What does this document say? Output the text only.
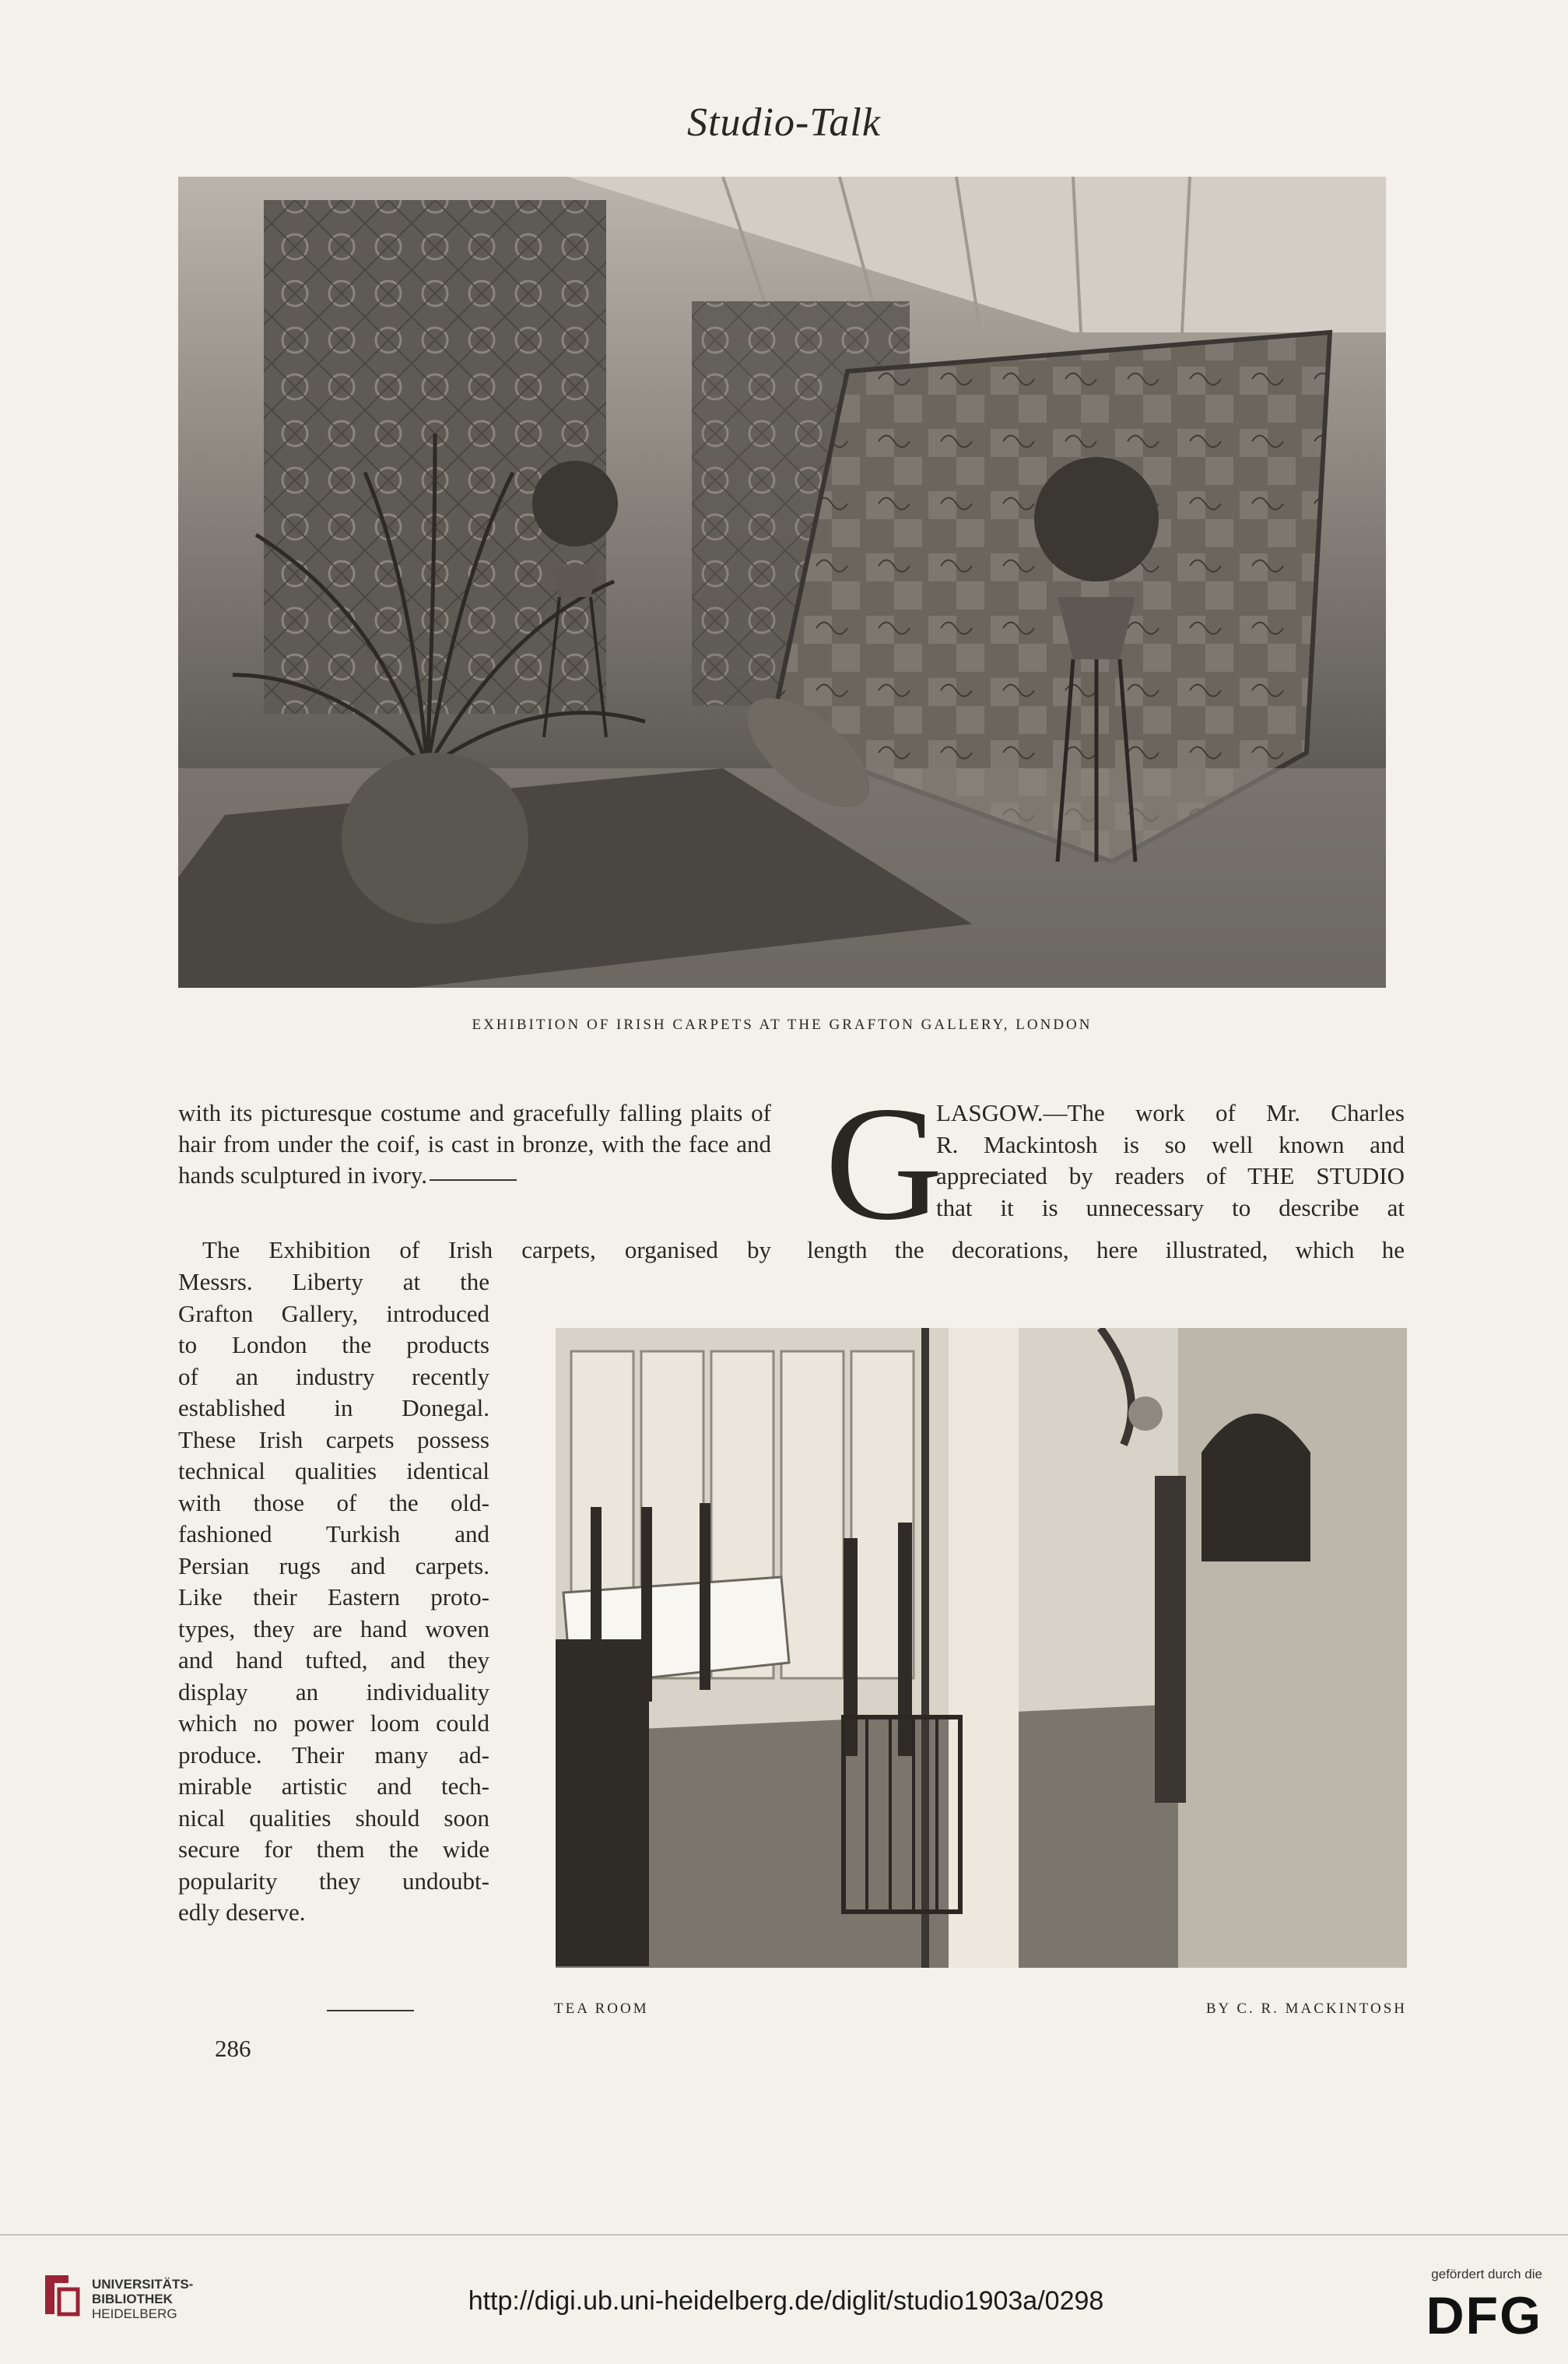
Studio-Talk
EXHIBITION OF IRISH CARPETS AT THE GRAFTON GALLERY, LONDON

with its picturesque costume and gracefully falling plaits of hair from under the coif, is cast in bronze, with the face and hands sculptured in ivory.

The Exhibition of Irish carpets, organised by
Messrs. Liberty at the
Grafton Gallery, introduced
to London the products
of an industry recently
established in Donegal.
These Irish carpets possess
technical qualities identical
with those of the old-
fashioned Turkish and
Persian rugs and carpets.
Like their Eastern proto-
types, they are hand woven
and hand tufted, and they
display an individuality
which no power loom could
produce. Their many ad-
mirable artistic and tech-
nical qualities should soon
secure for them the wide
popularity they undoubt-
edly deserve.
G
LASGOW.—The work of Mr. Charles
R. Mackintosh is so well known and
appreciated by readers of THE STUDIO
that it is unnecessary to describe at
length the decorations, here illustrated, which he
TEA ROOM	BY C. R. MACKINTOSH
286
UNIVERSITÄTS-
BIBLIOTHEK
HEIDELBERG	http://digi.ub.uni-heidelberg.de/diglit/studio1903a/0298
gefördert durch die
DFG
